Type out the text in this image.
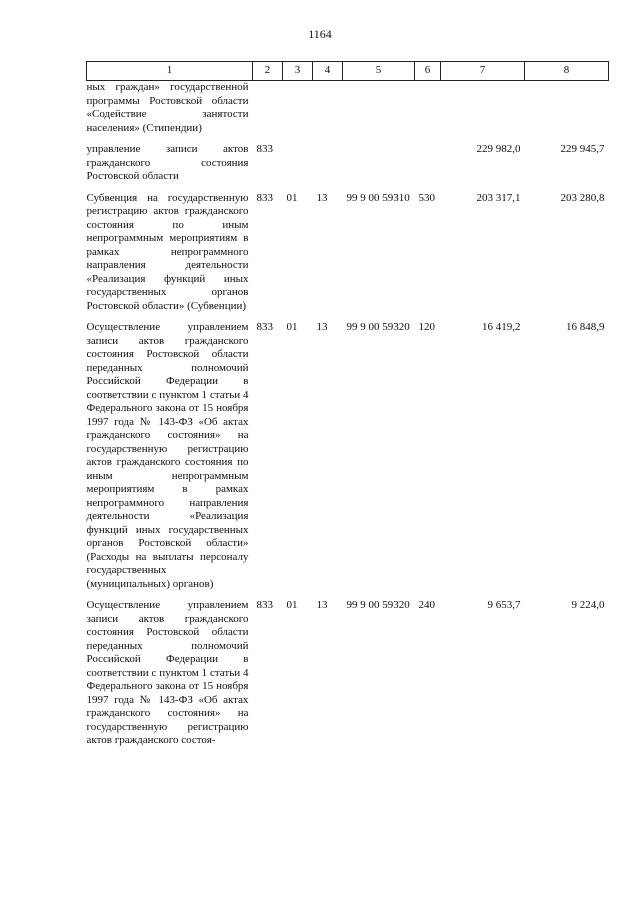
1164
1	2	3	4	5	6	7	8
ных граждан» государственной программы Ростовской области «Содействие занятости населения» (Стипендии)							
управление записи актов гражданского состояния Ростовской области	833					229 982,0	229 945,7
Субвенция на государственную регистрацию актов гражданского состояния по иным непрограммным мероприятиям в рамках непрограммного направления деятельности «Реализация функций иных государственных органов Ростовской области» (Субвенции)	833	01	13	99 9 00 59310	530	203 317,1	203 280,8
Осуществление управлением записи актов гражданского состояния Ростовской области переданных полномочий Российской Федерации в соответствии с пунктом 1 статьи 4 Федерального закона от 15 ноября 1997 года № 143-ФЗ «Об актах гражданского состояния» на государственную регистрацию актов гражданского состояния по иным непрограммным мероприятиям в рамках непрограммного направления деятельности «Реализация функций иных государственных органов Ростовской области» (Расходы на выплаты персоналу государственных (муниципальных) органов)	833	01	13	99 9 00 59320	120	16 419,2	16 848,9
Осуществление управлением записи актов гражданского состояния Ростовской области переданных полномочий Российской Федерации в соответствии с пунктом 1 статьи 4 Федерального закона от 15 ноября 1997 года № 143-ФЗ «Об актах гражданского состояния» на государственную регистрацию актов гражданского состоя-	833	01	13	99 9 00 59320	240	9 653,7	9 224,0
